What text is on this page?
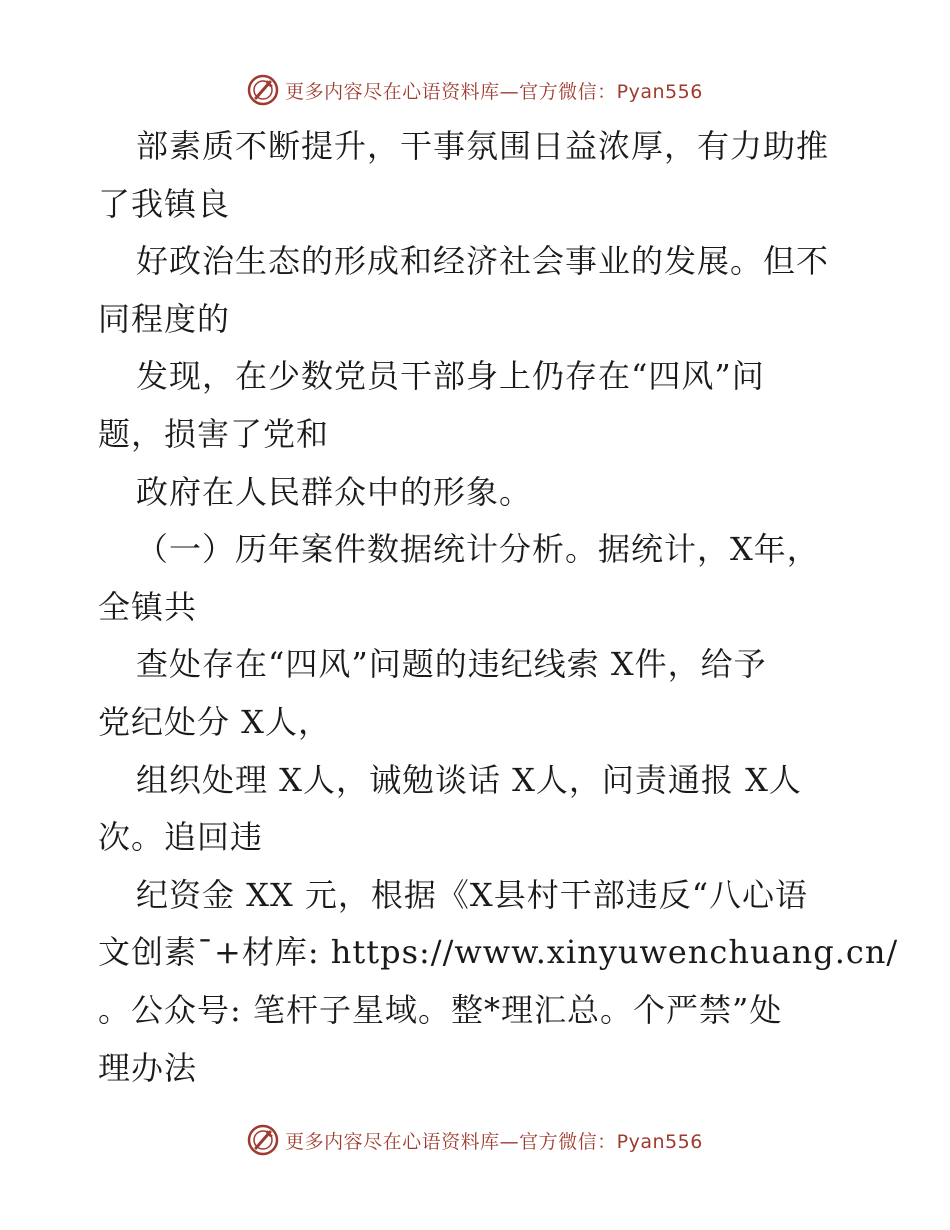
更多内容尽在心语资料库—官方微信：Pyan556
部素质不断提升，干事氛围日益浓厚，有力助推
了我镇良
好政治生态的形成和经济社会事业的发展。但不
同程度的
发现，在少数党员干部身上仍存在“四风”问
题，损害了党和
政府在人民群众中的形象。
（一）历年案件数据统计分析。据统计，X年，
全镇共
查处存在“四风”问题的违纪线索 X件，给予
党纪处分 X人，
组织处理 X人，诫勉谈话 X人，问责通报 X人
次。追回违
纪资金 XX 元，根据《X县村干部违反“八心语
文创素¯+材库: https://www.xinyuwenchuang.cn/
。公众号: 笔杆子星域。整*理汇总。个严禁”处
理办法
更多内容尽在心语资料库—官方微信：Pyan556
